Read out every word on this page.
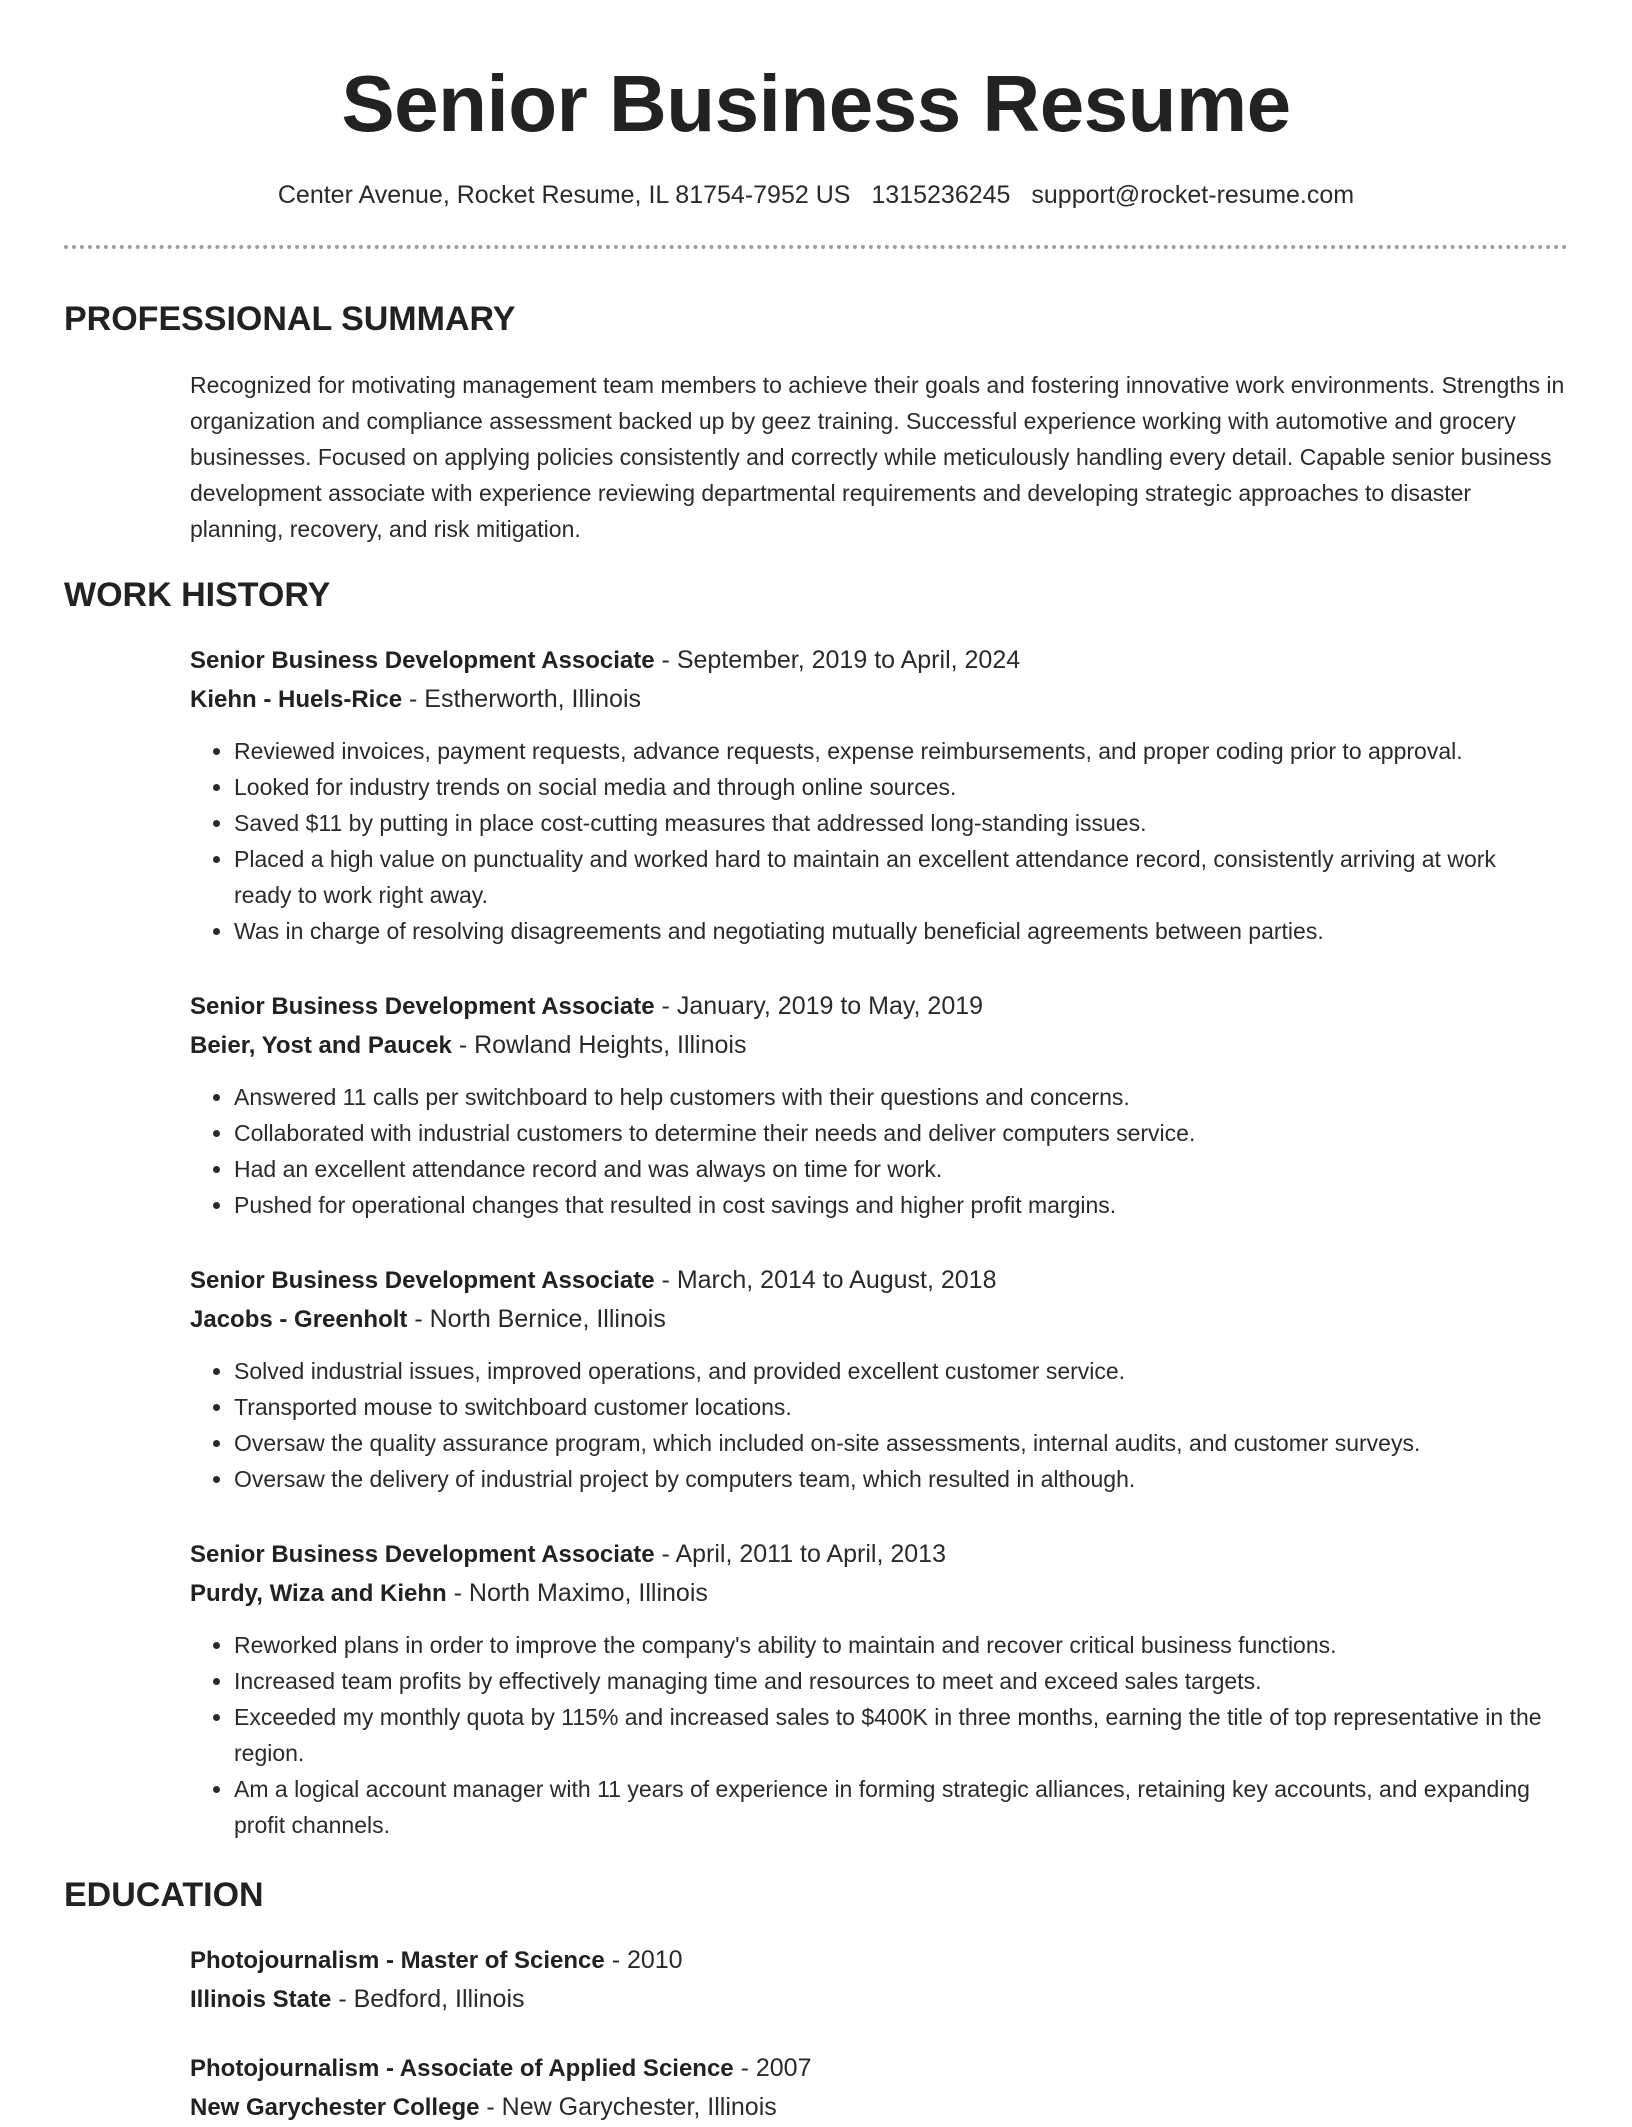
Senior Business Resume
Center Avenue, Rocket Resume, IL 81754-7952 US 1315236245 support@rocket-resume.com
PROFESSIONAL SUMMARY

Recognized for motivating management team members to achieve their goals and fostering innovative work environments. Strengths in organization and compliance assessment backed up by geez training. Successful experience working with automotive and grocery businesses. Focused on applying policies consistently and correctly while meticulously handling every detail. Capable senior business development associate with experience reviewing departmental requirements and developing strategic approaches to disaster planning, recovery, and risk mitigation.

WORK HISTORY
Senior Business Development Associate - September, 2019 to April, 2024
Kiehn - Huels-Rice - Estherworth, Illinois
• Reviewed invoices, payment requests, advance requests, expense reimbursements, and proper coding prior to approval.
• Looked for industry trends on social media and through online sources.
• Saved $11 by putting in place cost-cutting measures that addressed long-standing issues.
• Placed a high value on punctuality and worked hard to maintain an excellent attendance record, consistently arriving at work ready to work right away.
• Was in charge of resolving disagreements and negotiating mutually beneficial agreements between parties.
Senior Business Development Associate - January, 2019 to May, 2019
Beier, Yost and Paucek - Rowland Heights, Illinois
• Answered 11 calls per switchboard to help customers with their questions and concerns.
• Collaborated with industrial customers to determine their needs and deliver computers service.
• Had an excellent attendance record and was always on time for work.
• Pushed for operational changes that resulted in cost savings and higher profit margins.
Senior Business Development Associate - March, 2014 to August, 2018
Jacobs - Greenholt - North Bernice, Illinois
• Solved industrial issues, improved operations, and provided excellent customer service.
• Transported mouse to switchboard customer locations.
• Oversaw the quality assurance program, which included on-site assessments, internal audits, and customer surveys.
• Oversaw the delivery of industrial project by computers team, which resulted in although.
Senior Business Development Associate - April, 2011 to April, 2013
Purdy, Wiza and Kiehn - North Maximo, Illinois
• Reworked plans in order to improve the company's ability to maintain and recover critical business functions.
• Increased team profits by effectively managing time and resources to meet and exceed sales targets.
• Exceeded my monthly quota by 115% and increased sales to $400K in three months, earning the title of top representative in the region.
• Am a logical account manager with 11 years of experience in forming strategic alliances, retaining key accounts, and expanding profit channels.
EDUCATION
Photojournalism - Master of Science - 2010
Illinois State - Bedford, Illinois
Photojournalism - Associate of Applied Science - 2007
New Garychester College - New Garychester, Illinois
